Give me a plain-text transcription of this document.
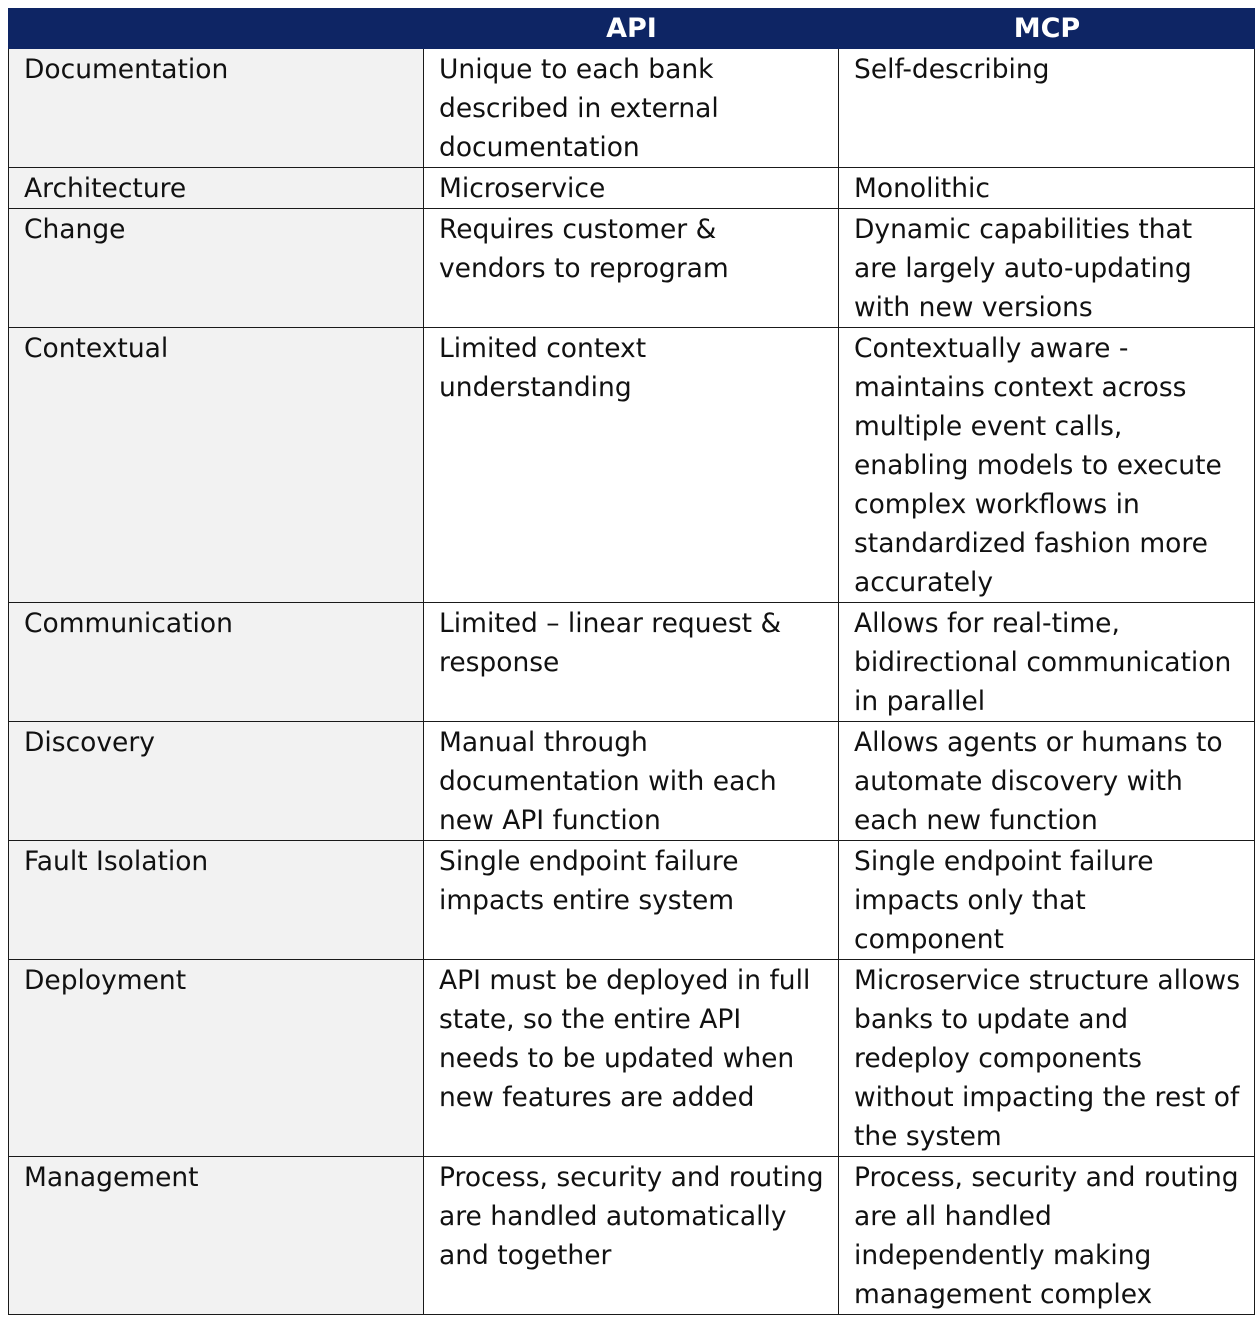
	API	MCP
Documentation	Unique to each bank described in external documentation	Self-describing
Architecture	Microservice	Monolithic
Change	Requires customer & vendors to reprogram	Dynamic capabilities that are largely auto-updating with new versions
Contextual	Limited context understanding	Contextually aware - maintains context across multiple event calls, enabling models to execute complex workflows in standardized fashion more accurately
Communication	Limited – linear request & response	Allows for real-time, bidirectional communication in parallel
Discovery	Manual through documentation with each new API function	Allows agents or humans to automate discovery with each new function
Fault Isolation	Single endpoint failure impacts entire system	Single endpoint failure impacts only that component
Deployment	API must be deployed in full state, so the entire API needs to be updated when new features are added	Microservice structure allows banks to update and redeploy components without impacting the rest of the system
Management	Process, security and routing are handled automatically and together	Process, security and routing are all handled independently making management complex
